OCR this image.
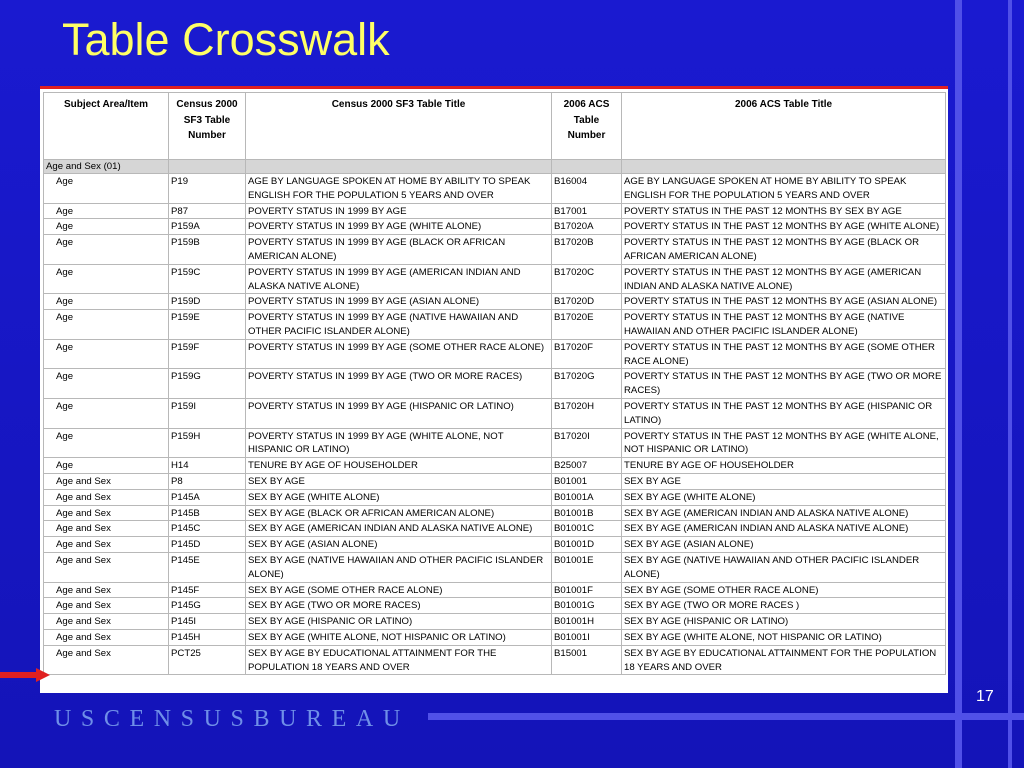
Table Crosswalk
Subject Area/Item	Census 2000 SF3 Table Number	Census 2000 SF3 Table Title	2006 ACS Table Number	2006 ACS Table Title
Age and Sex (01)				
Age	P19	AGE BY LANGUAGE SPOKEN AT HOME BY ABILITY TO SPEAK ENGLISH FOR THE POPULATION 5 YEARS AND OVER	B16004	AGE BY LANGUAGE SPOKEN AT HOME BY ABILITY TO SPEAK ENGLISH FOR THE POPULATION 5 YEARS AND OVER
Age	P87	POVERTY STATUS IN 1999 BY AGE	B17001	POVERTY STATUS IN THE PAST 12 MONTHS BY SEX BY AGE
Age	P159A	POVERTY STATUS IN 1999 BY AGE (WHITE ALONE)	B17020A	POVERTY STATUS IN THE PAST 12 MONTHS BY AGE (WHITE ALONE)
Age	P159B	POVERTY STATUS IN 1999 BY AGE (BLACK OR AFRICAN AMERICAN ALONE)	B17020B	POVERTY STATUS IN THE PAST 12 MONTHS BY AGE (BLACK OR AFRICAN AMERICAN ALONE)
Age	P159C	POVERTY STATUS IN 1999 BY AGE (AMERICAN INDIAN AND ALASKA NATIVE ALONE)	B17020C	POVERTY STATUS IN THE PAST 12 MONTHS BY AGE (AMERICAN INDIAN AND ALASKA NATIVE ALONE)
Age	P159D	POVERTY STATUS IN 1999 BY AGE (ASIAN ALONE)	B17020D	POVERTY STATUS IN THE PAST 12 MONTHS BY AGE (ASIAN ALONE)
Age	P159E	POVERTY STATUS IN 1999 BY AGE (NATIVE HAWAIIAN AND OTHER PACIFIC ISLANDER ALONE)	B17020E	POVERTY STATUS IN THE PAST 12 MONTHS BY AGE (NATIVE HAWAIIAN AND OTHER PACIFIC ISLANDER ALONE)
Age	P159F	POVERTY STATUS IN 1999 BY AGE (SOME OTHER RACE ALONE)	B17020F	POVERTY STATUS IN THE PAST 12 MONTHS BY AGE (SOME OTHER RACE ALONE)
Age	P159G	POVERTY STATUS IN 1999 BY AGE (TWO OR MORE RACES)	B17020G	POVERTY STATUS IN THE PAST 12 MONTHS BY AGE (TWO OR MORE RACES)
Age	P159I	POVERTY STATUS IN 1999 BY AGE (HISPANIC OR LATINO)	B17020H	POVERTY STATUS IN THE PAST 12 MONTHS BY AGE (HISPANIC OR LATINO)
Age	P159H	POVERTY STATUS IN 1999 BY AGE (WHITE ALONE, NOT HISPANIC OR LATINO)	B17020I	POVERTY STATUS IN THE PAST 12 MONTHS BY AGE (WHITE ALONE, NOT HISPANIC OR LATINO)
Age	H14	TENURE BY AGE OF HOUSEHOLDER	B25007	TENURE BY AGE OF HOUSEHOLDER
Age and Sex	P8	SEX BY AGE	B01001	SEX BY AGE
Age and Sex	P145A	SEX BY AGE (WHITE ALONE)	B01001A	SEX BY AGE (WHITE ALONE)
Age and Sex	P145B	SEX BY AGE (BLACK OR AFRICAN AMERICAN ALONE)	B01001B	SEX BY AGE (AMERICAN INDIAN AND ALASKA NATIVE ALONE)
Age and Sex	P145C	SEX BY AGE (AMERICAN INDIAN AND ALASKA NATIVE ALONE)	B01001C	SEX BY AGE (AMERICAN INDIAN AND ALASKA NATIVE ALONE)
Age and Sex	P145D	SEX BY AGE (ASIAN ALONE)	B01001D	SEX BY AGE (ASIAN ALONE)
Age and Sex	P145E	SEX BY AGE (NATIVE HAWAIIAN AND OTHER PACIFIC ISLANDER ALONE)	B01001E	SEX BY AGE (NATIVE HAWAIIAN AND OTHER PACIFIC ISLANDER ALONE)
Age and Sex	P145F	SEX BY AGE (SOME OTHER RACE ALONE)	B01001F	SEX BY AGE (SOME OTHER RACE ALONE)
Age and Sex	P145G	SEX BY AGE (TWO OR MORE RACES)	B01001G	SEX BY AGE (TWO OR MORE RACES )
Age and Sex	P145I	SEX BY AGE (HISPANIC OR LATINO)	B01001H	SEX BY AGE (HISPANIC OR LATINO)
Age and Sex	P145H	SEX BY AGE (WHITE ALONE, NOT HISPANIC OR LATINO)	B01001I	SEX BY AGE (WHITE ALONE, NOT HISPANIC OR LATINO)
Age and Sex	PCT25	SEX BY AGE BY EDUCATIONAL ATTAINMENT FOR THE POPULATION 18 YEARS AND OVER	B15001	SEX BY AGE BY EDUCATIONAL ATTAINMENT FOR THE POPULATION 18 YEARS AND OVER
USCENSUSBUREAU
17
